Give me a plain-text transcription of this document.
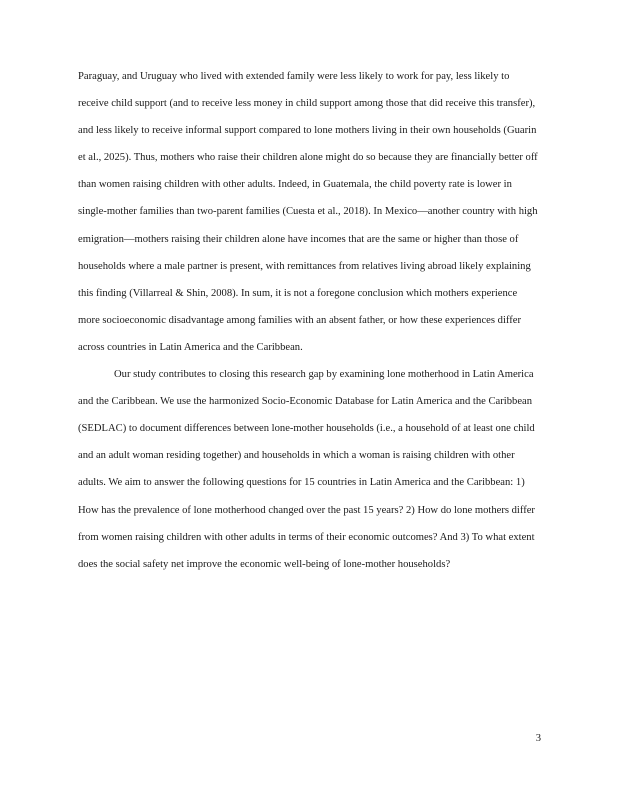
Paraguay, and Uruguay who lived with extended family were less likely to work for pay, less likely to receive child support (and to receive less money in child support among those that did receive this transfer), and less likely to receive informal support compared to lone mothers living in their own households (Guarin et al., 2025). Thus, mothers who raise their children alone might do so because they are financially better off than women raising children with other adults. Indeed, in Guatemala, the child poverty rate is lower in single-mother families than two-parent families (Cuesta et al., 2018). In Mexico—another country with high emigration—mothers raising their children alone have incomes that are the same or higher than those of households where a male partner is present, with remittances from relatives living abroad likely explaining this finding (Villarreal & Shin, 2008). In sum, it is not a foregone conclusion which mothers experience more socioeconomic disadvantage among families with an absent father, or how these experiences differ across countries in Latin America and the Caribbean.

Our study contributes to closing this research gap by examining lone motherhood in Latin America and the Caribbean. We use the harmonized Socio-Economic Database for Latin America and the Caribbean (SEDLAC) to document differences between lone-mother households (i.e., a household of at least one child and an adult woman residing together) and households in which a woman is raising children with other adults. We aim to answer the following questions for 15 countries in Latin America and the Caribbean: 1) How has the prevalence of lone motherhood changed over the past 15 years? 2) How do lone mothers differ from women raising children with other adults in terms of their economic outcomes? And 3) To what extent does the social safety net improve the economic well-being of lone-mother households?

3
